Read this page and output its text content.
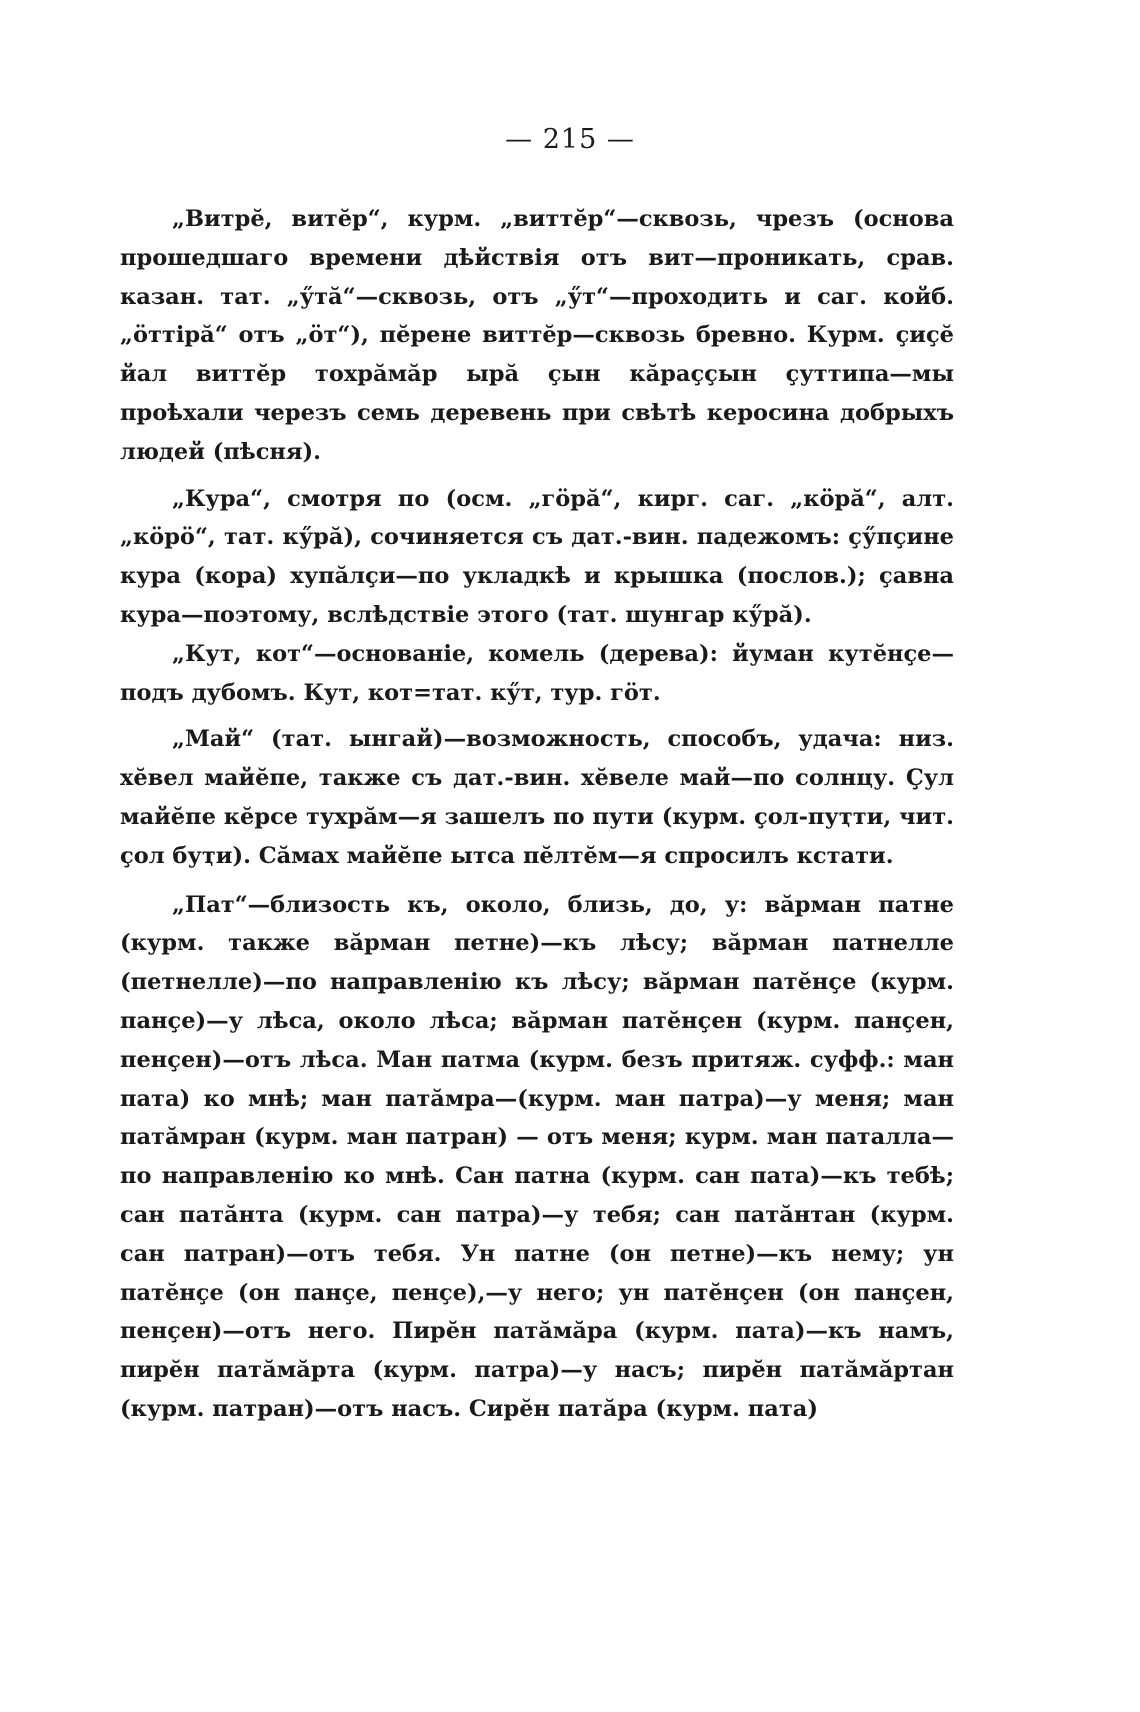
— 215 —

„Витрĕ, витĕр“, курм. „виттĕр“—сквозь, чрезъ (основа прошедшаго времени дѣйствія отъ вит—проникать, срав. казан. тат. „ӳтă“—сквозь, отъ „ӳт“—проходить и саг. койб. „öттiрă“ отъ „öт“), пĕрене виттĕр—сквозь бревно. Курм. ҫиҫĕ йал виттĕр тохрăмăр ырă ҫын кăраҫҫын ҫуттипа—мы проѣхали черезъ семь деревень при свѣтѣ керосина добрыхъ людей (пѣсня).

„Кура“, смотря по (осм. „гöрă“, кирг. саг. „кöрă“, алт. „кöрö“, тат. кӳрă), сочиняется съ дат.-вин. падежомъ: ҫӳпҫине кура (кора) хупăлҫи—по укладкѣ и крышка (послов.); ҫавна кура—поэтому, вслѣдствіе этого (тат. шунгар кӳрă).

„Кут, кот“—основаніе, комель (дерева): йуман кутĕнҫе—подъ дубомъ. Кут, кот=тат. кӳт, тур. гöт.

„Май“ (тат. ынгай)—возможность, способъ, удача: низ. хĕвел майĕпе, также съ дат.-вин. хĕвеле май—по солнцу. Ҫул майĕпе кĕрсе тухрăм—я зашелъ по пути (курм. ҫол-пуҭти, чит. ҫол буҭи). Сăмах майĕпе ытса пĕлтĕм—я спросилъ кстати.

„Пат“—близость къ, около, близь, до, у: вăрман патне (курм. также вăрман петне)—къ лѣсу; вăрман патнелле (петнелле)—по направленію къ лѣсу; вăрман патĕнҫе (курм. панҫе)—у лѣса, около лѣса; вăрман патĕнҫен (курм. панҫен, пенҫен)—отъ лѣса. Ман патма (курм. безъ притяж. суфф.: ман пата) ко мнѣ; ман патăмра—(курм. ман патра)—у меня; ман патăмран (курм. ман патран) — отъ меня; курм. ман паталла—по направленію ко мнѣ. Сан патна (курм. сан пата)—къ тебѣ; сан патăнта (курм. сан патра)—у тебя; сан патăнтан (курм. сан патран)—отъ тебя. Ун патне (он петне)—къ нему; ун патĕнҫе (он панҫе, пенҫе),—у него; ун патĕнҫен (он панҫен, пенҫен)—отъ него. Пирĕн патăмăра (курм. пата)—къ намъ, пирĕн патăмăрта (курм. патра)—у насъ; пирĕн патăмăртан (курм. патран)—отъ насъ. Сирĕн патăра (курм. пата)
